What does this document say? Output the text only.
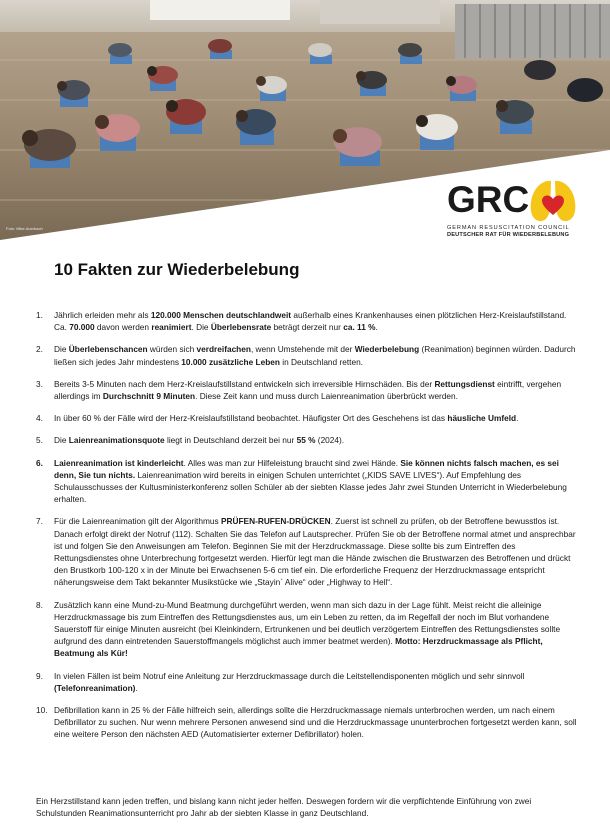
Foto: Mike Auerbach
GRC
GERMAN RESUSCITATION COUNCIL
DEUTSCHER RAT FÜR WIEDERBELEBUNG
10 Fakten zur Wiederbelebung
1. Jährlich erleiden mehr als 120.000 Menschen deutschlandweit außerhalb eines Krankenhauses einen plötzlichen Herz-Kreislaufstillstand. Ca. 70.000 davon werden reanimiert. Die Überlebensrate beträgt derzeit nur ca. 11 %.
2. Die Überlebenschancen würden sich verdreifachen, wenn Umstehende mit der Wiederbelebung (Reanimation) beginnen würden. Dadurch ließen sich jedes Jahr mindestens 10.000 zusätzliche Leben in Deutschland retten.
3. Bereits 3-5 Minuten nach dem Herz-Kreislaufstillstand entwickeln sich irreversible Hirnschäden. Bis der Rettungsdienst eintrifft, vergehen allerdings im Durchschnitt 9 Minuten. Diese Zeit kann und muss durch Laienreanimation überbrückt werden.
4. In über 60 % der Fälle wird der Herz-Kreislaufstillstand beobachtet. Häufigster Ort des Geschehens ist das häusliche Umfeld.
5. Die Laienreanimationsquote liegt in Deutschland derzeit bei nur 55 % (2024).
6. Laienreanimation ist kinderleicht. Alles was man zur Hilfeleistung braucht sind zwei Hände. Sie können nichts falsch machen, es sei denn, Sie tun nichts. Laienreanimation wird bereits in einigen Schulen unterrichtet („KIDS SAVE LIVES“). Auf Empfehlung des Schulausschusses der Kultusministerkonferenz sollen Schüler ab der siebten Klasse jedes Jahr zwei Stunden Unterricht in Wiederbelebung erhalten.
7. Für die Laienreanimation gilt der Algorithmus PRÜFEN-RUFEN-DRÜCKEN. Zuerst ist schnell zu prüfen, ob der Betroffene bewusstlos ist. Danach erfolgt direkt der Notruf (112). Schalten Sie das Telefon auf Lautsprecher. Prüfen Sie ob der Betroffene normal atmet und ansprechbar ist und folgen Sie den Anweisungen am Telefon. Beginnen Sie mit der Herzdruckmassage. Diese sollte bis zum Eintreffen des Rettungsdienstes ohne Unterbrechung fortgesetzt werden. Hierfür legt man die Hände zwischen die Brustwarzen des Betroffenen und drückt den Brustkorb 100-120 x in der Minute bei Erwachsenen 5-6 cm tief ein. Die erforderliche Frequenz der Herzdruckmassage entspricht näherungsweise dem Takt bekannter Musikstücke wie „Stayin` Alive“ oder „Highway to Hell“.
8. Zusätzlich kann eine Mund-zu-Mund Beatmung durchgeführt werden, wenn man sich dazu in der Lage fühlt. Meist reicht die alleinige Herzdruckmassage bis zum Eintreffen des Rettungsdienstes aus, um ein Leben zu retten, da im Regelfall der noch im Blut vorhandene Sauerstoff für einige Minuten ausreicht (bei Kleinkindern, Ertrunkenen und bei deutlich verzögertem Eintreffen des Rettungsdienstes sollte aufgrund des dann eintretenden Sauerstoffmangels möglichst auch immer beatmet werden). Motto: Herzdruckmassage als Pflicht, Beatmung als Kür!
9. In vielen Fällen ist beim Notruf eine Anleitung zur Herzdruckmassage durch die Leitstellendisponenten möglich und sehr sinnvoll (Telefonreanimation).
10. Defibrillation kann in 25 % der Fälle hilfreich sein, allerdings sollte die Herzdruckmassage niemals unterbrochen werden, um nach einem Defibrillator zu suchen. Nur wenn mehrere Personen anwesend sind und die Herzdruckmassage ununterbrochen fortgesetzt werden kann, soll eine weitere Person den nächsten AED (Automatisierter externer Defibrillator) holen.

Ein Herzstillstand kann jeden treffen, und bislang kann nicht jeder helfen. Deswegen fordern wir die verpflichtende Einführung von zwei Schulstunden Reanimationsunterricht pro Jahr ab der siebten Klasse in ganz Deutschland.
